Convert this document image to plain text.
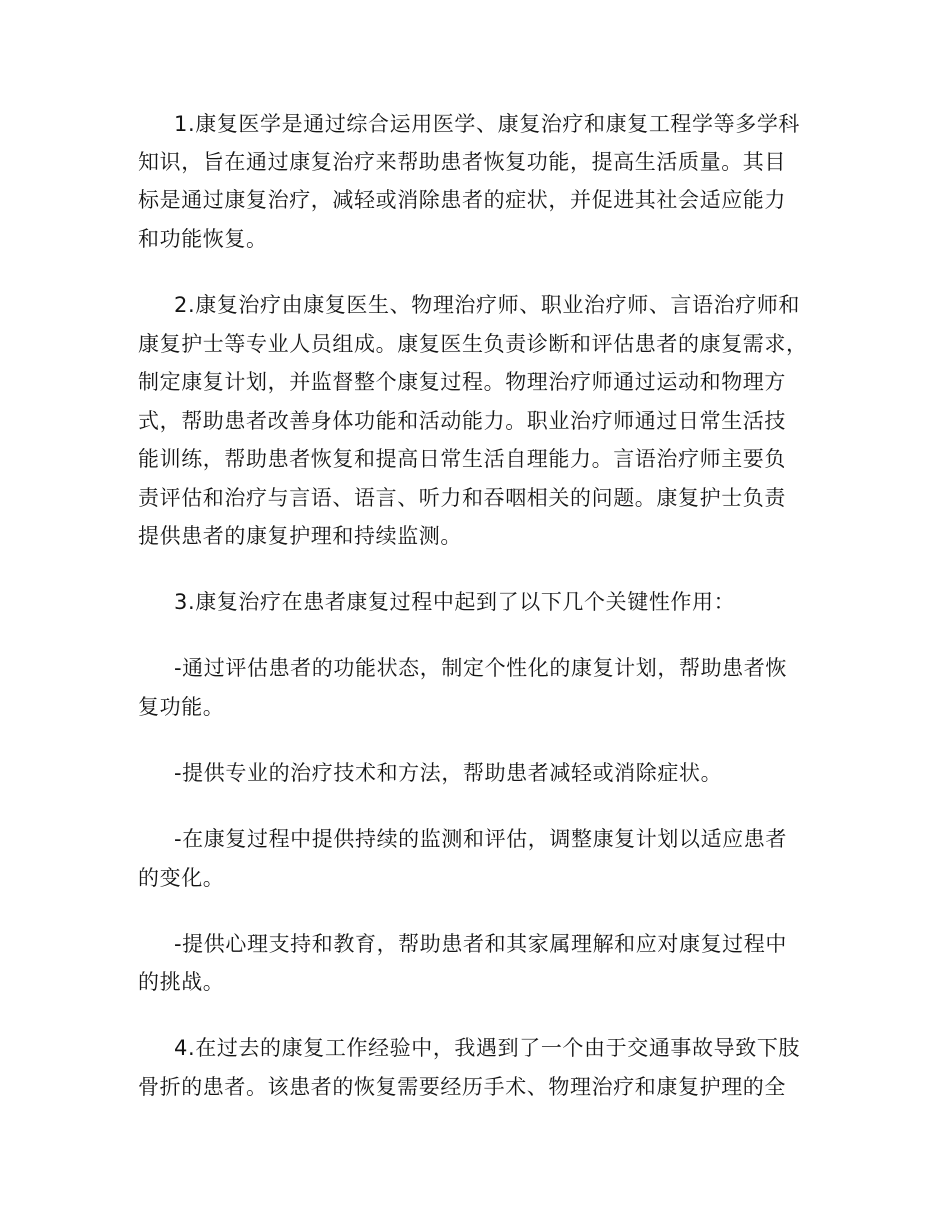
1.康复医学是通过综合运用医学、康复治疗和康复工程学等多学科
知识，旨在通过康复治疗来帮助患者恢复功能，提高生活质量。其目
标是通过康复治疗，减轻或消除患者的症状，并促进其社会适应能力
和功能恢复。
2.康复治疗由康复医生、物理治疗师、职业治疗师、言语治疗师和
康复护士等专业人员组成。康复医生负责诊断和评估患者的康复需求，
制定康复计划，并监督整个康复过程。物理治疗师通过运动和物理方
式，帮助患者改善身体功能和活动能力。职业治疗师通过日常生活技
能训练，帮助患者恢复和提高日常生活自理能力。言语治疗师主要负
责评估和治疗与言语、语言、听力和吞咽相关的问题。康复护士负责
提供患者的康复护理和持续监测。
3.康复治疗在患者康复过程中起到了以下几个关键性作用：
-通过评估患者的功能状态，制定个性化的康复计划，帮助患者恢
复功能。
-提供专业的治疗技术和方法，帮助患者减轻或消除症状。
-在康复过程中提供持续的监测和评估，调整康复计划以适应患者
的变化。
-提供心理支持和教育，帮助患者和其家属理解和应对康复过程中
的挑战。
4.在过去的康复工作经验中，我遇到了一个由于交通事故导致下肢
骨折的患者。该患者的恢复需要经历手术、物理治疗和康复护理的全
